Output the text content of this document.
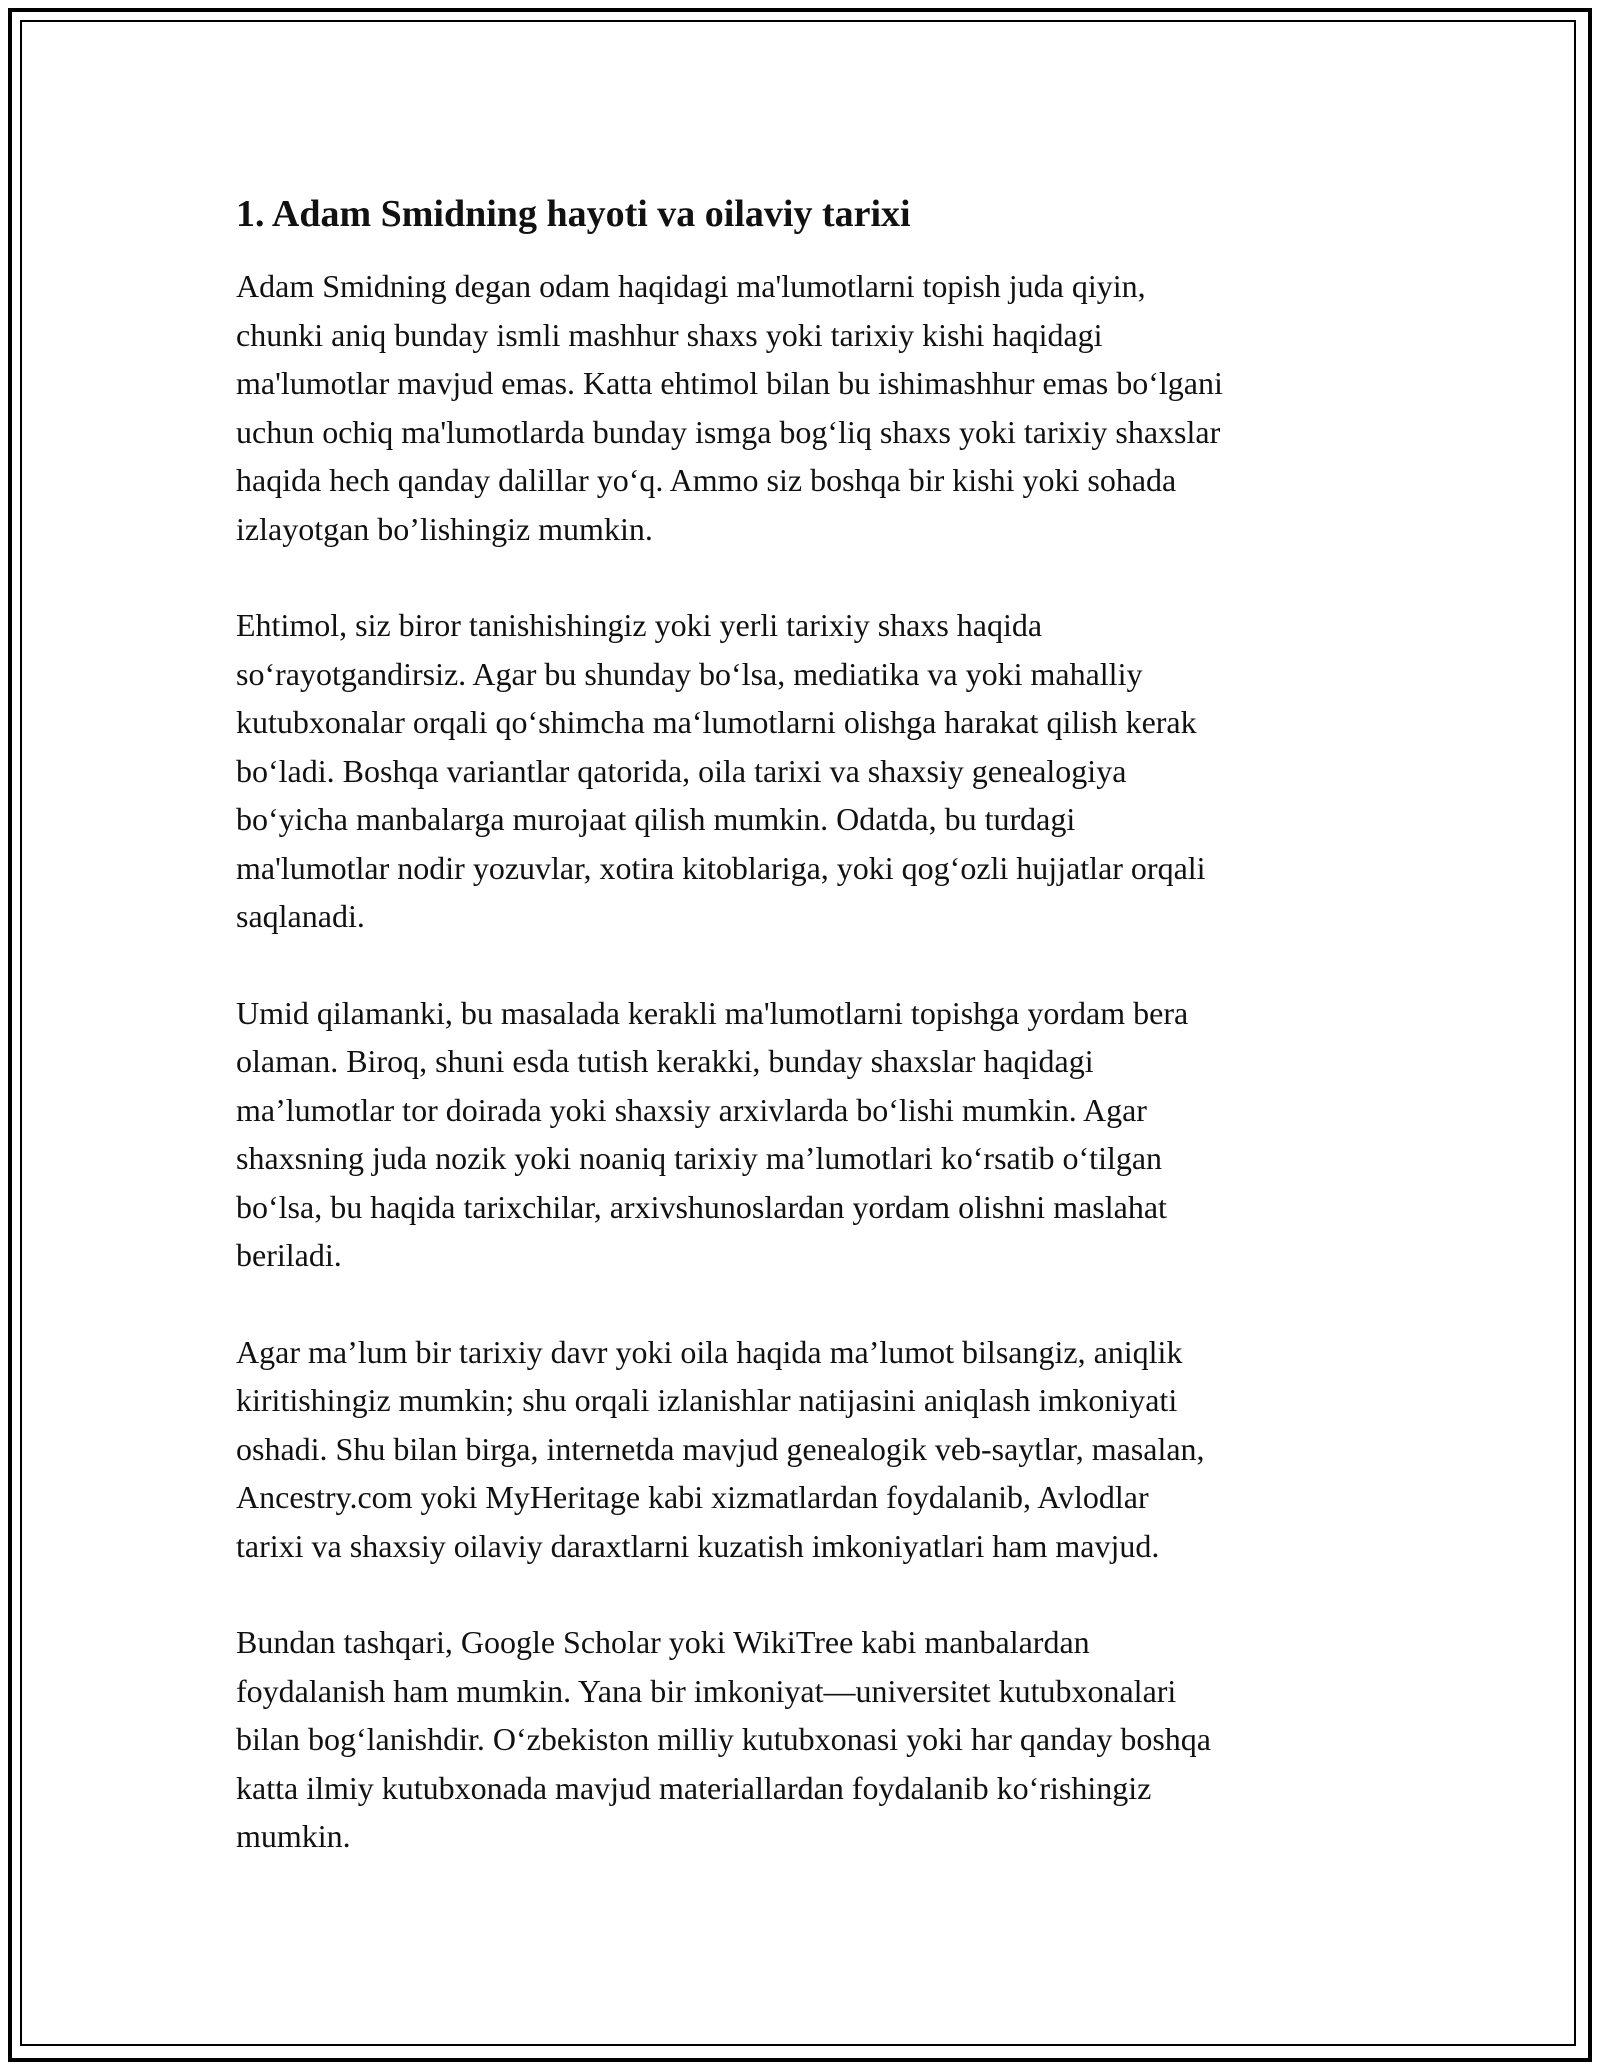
1. Adam Smidning hayoti va oilaviy tarixi
Adam Smidning degan odam haqidagi ma'lumotlarni topish juda qiyin,
chunki aniq bunday ismli mashhur shaxs yoki tarixiy kishi haqidagi
ma'lumotlar mavjud emas. Katta ehtimol bilan bu ishimashhur emas bo‘lgani
uchun ochiq ma'lumotlarda bunday ismga bog‘liq shaxs yoki tarixiy shaxslar
haqida hech qanday dalillar yo‘q. Ammo siz boshqa bir kishi yoki sohada
izlayotgan bo’lishingiz mumkin.
Ehtimol, siz biror tanishishingiz yoki yerli tarixiy shaxs haqida
so‘rayotgandirsiz. Agar bu shunday bo‘lsa, mediatika va yoki mahalliy
kutubxonalar orqali qo‘shimcha ma‘lumotlarni olishga harakat qilish kerak
bo‘ladi. Boshqa variantlar qatorida, oila tarixi va shaxsiy genealogiya
bo‘yicha manbalarga murojaat qilish mumkin. Odatda, bu turdagi
ma'lumotlar nodir yozuvlar, xotira kitoblariga, yoki qog‘ozli hujjatlar orqali
saqlanadi.
Umid qilamanki, bu masalada kerakli ma'lumotlarni topishga yordam bera
olaman. Biroq, shuni esda tutish kerakki, bunday shaxslar haqidagi
ma’lumotlar tor doirada yoki shaxsiy arxivlarda bo‘lishi mumkin. Agar
shaxsning juda nozik yoki noaniq tarixiy ma’lumotlari ko‘rsatib o‘tilgan
bo‘lsa, bu haqida tarixchilar, arxivshunoslardan yordam olishni maslahat
beriladi.
Agar ma’lum bir tarixiy davr yoki oila haqida ma’lumot bilsangiz, aniqlik
kiritishingiz mumkin; shu orqali izlanishlar natijasini aniqlash imkoniyati
oshadi. Shu bilan birga, internetda mavjud genealogik veb-saytlar, masalan,
Ancestry.com yoki MyHeritage kabi xizmatlardan foydalanib, Avlodlar
tarixi va shaxsiy oilaviy daraxtlarni kuzatish imkoniyatlari ham mavjud.
Bundan tashqari, Google Scholar yoki WikiTree kabi manbalardan
foydalanish ham mumkin. Yana bir imkoniyat—universitet kutubxonalari
bilan bog‘lanishdir. O‘zbekiston milliy kutubxonasi yoki har qanday boshqa
katta ilmiy kutubxonada mavjud materiallardan foydalanib ko‘rishingiz
mumkin.
